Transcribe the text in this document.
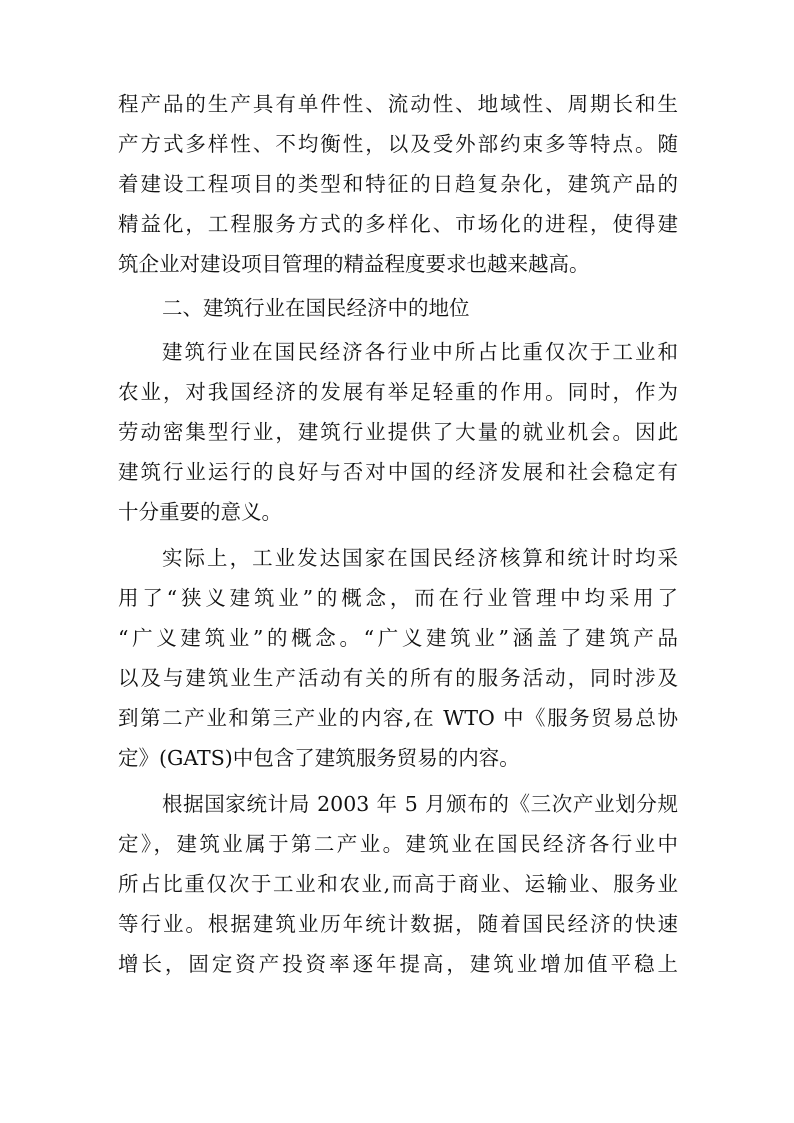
程产品的生产具有单件性、流动性、地域性、周期长和生
产方式多样性、不均衡性，以及受外部约束多等特点。随
着建设工程项目的类型和特征的日趋复杂化，建筑产品的
精益化，工程服务方式的多样化、市场化的进程，使得建
筑企业对建设项目管理的精益程度要求也越来越高。
二、建筑行业在国民经济中的地位
建筑行业在国民经济各行业中所占比重仅次于工业和
农业，对我国经济的发展有举足轻重的作用。同时，作为
劳动密集型行业，建筑行业提供了大量的就业机会。因此
建筑行业运行的良好与否对中国的经济发展和社会稳定有
十分重要的意义。
实际上，工业发达国家在国民经济核算和统计时均采
用了“狭义建筑业”的概念，而在行业管理中均采用了
“广义建筑业”的概念。“广义建筑业”涵盖了建筑产品
以及与建筑业生产活动有关的所有的服务活动，同时涉及
到第二产业和第三产业的内容,在 WTO 中《服务贸易总协
定》(GATS)中包含了建筑服务贸易的内容。
根据国家统计局 2003 年 5 月颁布的《三次产业划分规
定》，建筑业属于第二产业。建筑业在国民经济各行业中
所占比重仅次于工业和农业,而高于商业、运输业、服务业
等行业。根据建筑业历年统计数据，随着国民经济的快速
增长，固定资产投资率逐年提高，建筑业增加值平稳上
